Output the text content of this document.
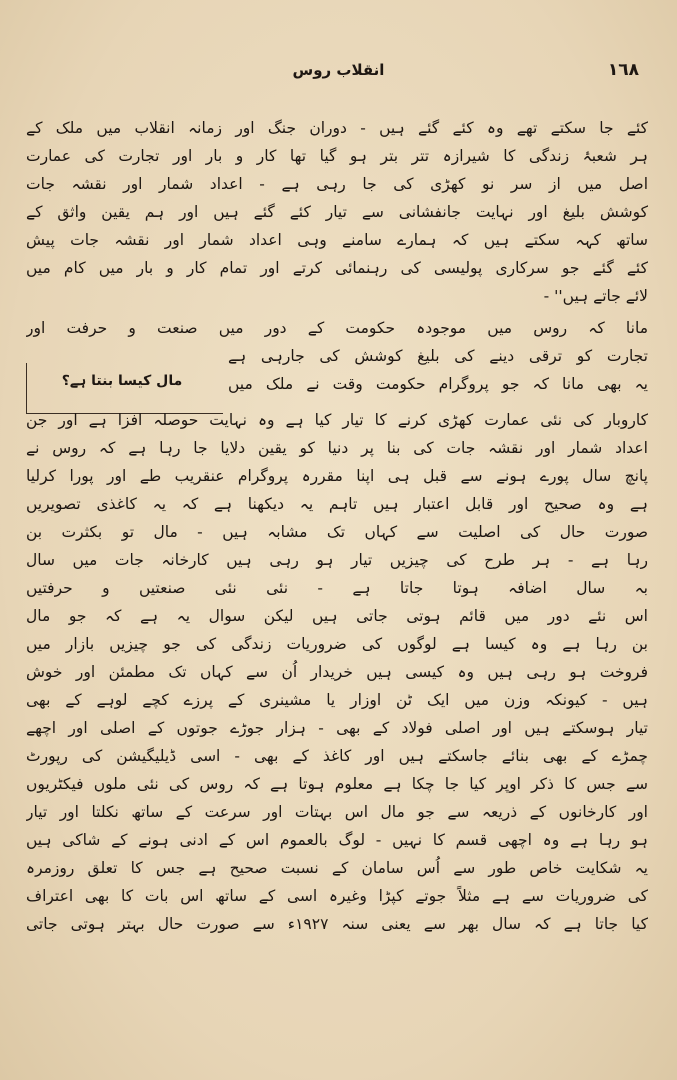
١٦٨
انقلاب روس
کئے جا سکتے تھے وہ کئے گئے ہیں - دوران جنگ اور زمانہ انقلاب میں ملک کے
ہر شعبۂ زندگی کا شیرازہ تتر بتر ہو گیا تھا کار و بار اور تجارت کی عمارت
اصل میں از سر نو کھڑی کی جا رہی ہے - اعداد شمار اور نقشہ جات
کوشش بلیغ اور نہایت جانفشانی سے تیار کئے گئے ہیں اور ہم یقین واثق کے
ساتھ کہہ سکتے ہیں کہ ہمارے سامنے وہی اعداد شمار اور نقشہ جات پیش
کئے گئے جو سرکاری پولیسی کی رہنمائی کرتے اور تمام کار و بار میں کام میں
لائے جاتے ہیں'' -
مانا کہ روس میں موجودہ حکومت کے دور میں صنعت و حرفت اور
مال کیسا بنتا ہے؟
تجارت کو ترقی دینے کی بلیغ کوشش کی جارہی ہے
یہ بھی مانا کہ جو پروگرام حکومت وقت نے ملک میں
کاروبار کی نئی عمارت کھڑی کرنے کا تیار کیا ہے وہ نہایت حوصلہ افزا ہے اور جن
اعداد شمار اور نقشہ جات کی بنا پر دنیا کو یقین دلایا جا رہا ہے کہ روس نے
پانچ سال پورے ہونے سے قبل ہی اپنا مقررہ پروگرام عنقریب طے اور پورا کرلیا
ہے وہ صحیح اور قابل اعتبار ہیں تاہم یہ دیکھنا ہے کہ یہ کاغذی تصویریں
صورت حال کی اصلیت سے کہاں تک مشابہ ہیں - مال تو بکثرت بن
رہا ہے - ہر طرح کی چیزیں تیار ہو رہی ہیں کارخانہ جات میں سال
بہ سال اضافہ ہوتا جاتا ہے - نئی نئی صنعتیں و حرفتیں
اس نئے دور میں قائم ہوتی جاتی ہیں لیکن سوال یہ ہے کہ جو مال
بن رہا ہے وہ کیسا ہے لوگوں کی ضروریات زندگی کی جو چیزیں بازار میں
فروخت ہو رہی ہیں وہ کیسی ہیں خریدار اُن سے کہاں تک مطمئن اور خوش
ہیں - کیونکہ وزن میں ایک ٹن اوزار یا مشینری کے پرزے کچے لوہے کے بھی
تیار ہوسکتے ہیں اور اصلی فولاد کے بھی - ہزار جوڑے جوتوں کے اصلی اور اچھے
چمڑے کے بھی بنائے جاسکتے ہیں اور کاغذ کے بھی - اسی ڈیلیگیشن کی رپورٹ
سے جس کا ذکر اوپر کیا جا چکا ہے معلوم ہوتا ہے کہ روس کی نئی ملوں فیکٹریوں
اور کارخانوں کے ذریعہ سے جو مال اس بہتات اور سرعت کے ساتھ نکلتا اور تیار
ہو رہا ہے وہ اچھی قسم کا نہیں - لوگ بالعموم اس کے ادنی ہونے کے شاکی ہیں
یہ شکایت خاص طور سے اُس سامان کے نسبت صحیح ہے جس کا تعلق روزمرہ
کی ضروریات سے ہے مثلاً جوتے کپڑا وغیرہ اسی کے ساتھ اس بات کا بھی اعتراف
کیا جاتا ہے کہ سال بھر سے یعنی سنہ ١٩٢٧ء سے صورت حال بہتر ہوتی جاتی
